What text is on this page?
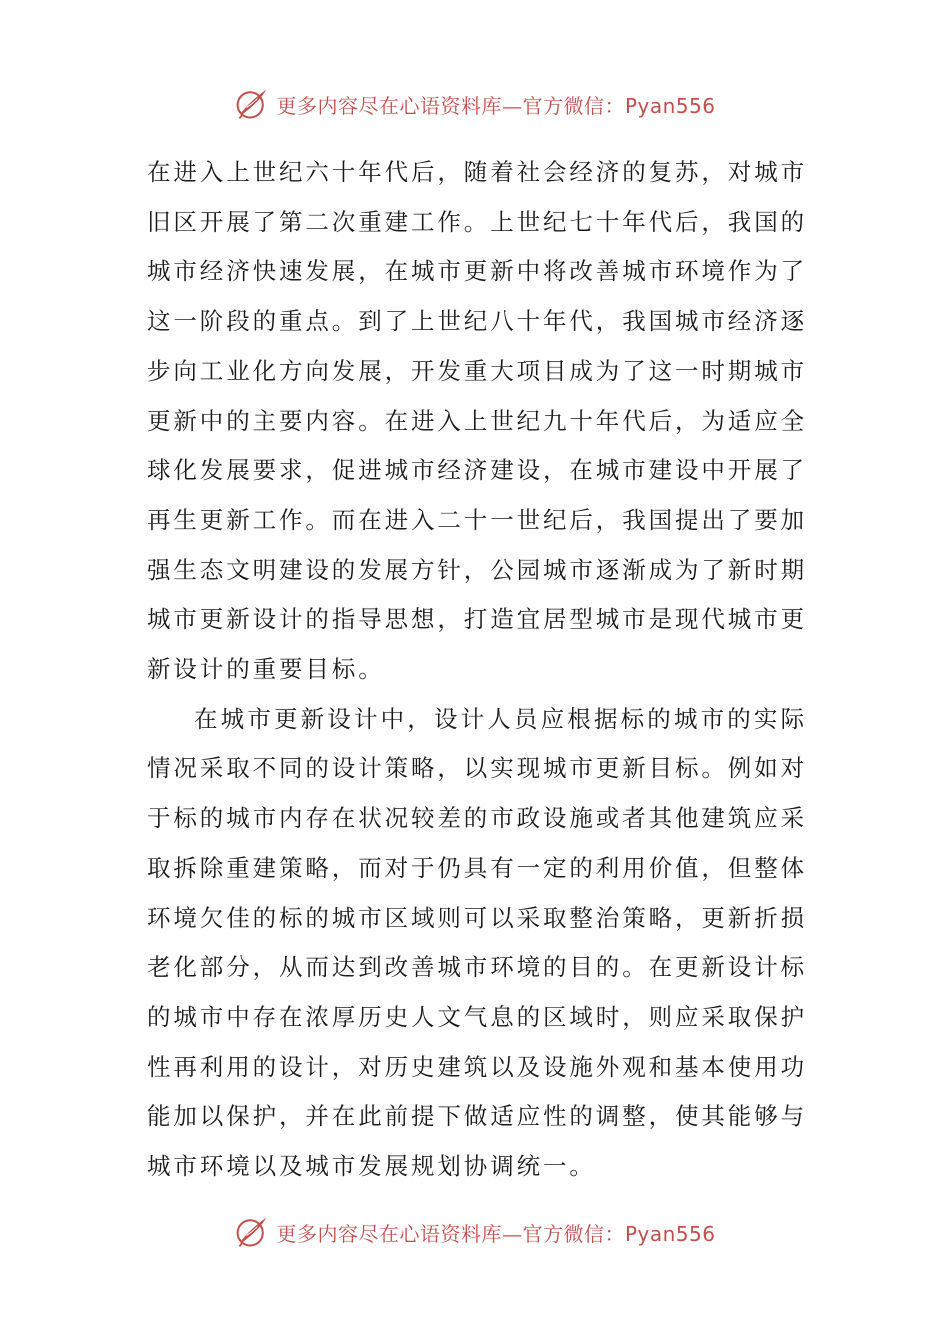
更多内容尽在心语资料库—官方微信：Pyan556

在进入上世纪六十年代后，随着社会经济的复苏，对城市旧区开展了第二次重建工作。上世纪七十年代后，我国的城市经济快速发展，在城市更新中将改善城市环境作为了这一阶段的重点。到了上世纪八十年代，我国城市经济逐步向工业化方向发展，开发重大项目成为了这一时期城市更新中的主要内容。在进入上世纪九十年代后，为适应全球化发展要求，促进城市经济建设，在城市建设中开展了再生更新工作。而在进入二十一世纪后，我国提出了要加强生态文明建设的发展方针，公园城市逐渐成为了新时期城市更新设计的指导思想，打造宜居型城市是现代城市更新设计的重要目标。

在城市更新设计中，设计人员应根据标的城市的实际情况采取不同的设计策略，以实现城市更新目标。例如对于标的城市内存在状况较差的市政设施或者其他建筑应采取拆除重建策略，而对于仍具有一定的利用价值，但整体环境欠佳的标的城市区域则可以采取整治策略，更新折损老化部分，从而达到改善城市环境的目的。在更新设计标的城市中存在浓厚历史人文气息的区域时，则应采取保护性再利用的设计，对历史建筑以及设施外观和基本使用功能加以保护，并在此前提下做适应性的调整，使其能够与城市环境以及城市发展规划协调统一。

更多内容尽在心语资料库—官方微信：Pyan556
